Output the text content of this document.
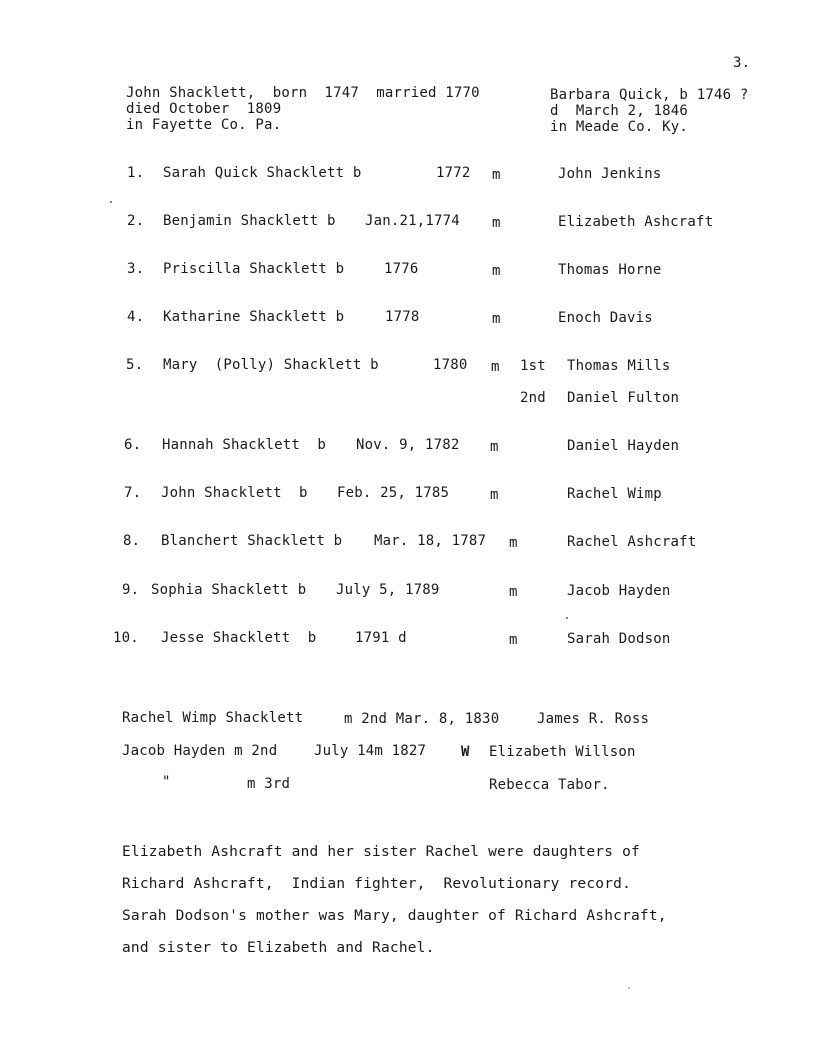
3.
John Shacklett,  born  1747  married 1770
died October  1809
in Fayette Co. Pa.
Barbara Quick, b 1746 ?
d  March 2, 1846
in Meade Co. Ky.
1. Sarah Quick Shacklett b	1772 m	John Jenkins
2. Benjamin Shacklett b Jan.21,1774 m	Elizabeth Ashcraft
3. Priscilla Shacklett b	1776	m	Thomas Horne
4. Katharine Shacklett b	1778	m	Enoch Davis
5. Mary  (Polly) Shacklett b	1780 m 1st Thomas Mills
2nd Daniel Fulton
6. Hannah Shacklett  b Nov. 9, 1782 m	Daniel Hayden
7. John Shacklett  b Feb. 25, 1785	m	Rachel Wimp
8. Blanchert Shacklett b Mar. 18, 1787 m	Rachel Ashcraft
9. Sophia Shacklett b July 5, 1789	m	Jacob Hayden
10. Jesse Shacklett  b	1791 d	m	Sarah Dodson
Rachel Wimp Shacklett	m 2nd Mar. 8, 1830	James R. Ross
Jacob Hayden m 2nd	July 14m 1827 W Elizabeth Willson
"	m 3rd	Rebecca Tabor.
Elizabeth Ashcraft and her sister Rachel were daughters of
Richard Ashcraft,  Indian fighter,  Revolutionary record.
Sarah Dodson's mother was Mary, daughter of Richard Ashcraft,
and sister to Elizabeth and Rachel.
